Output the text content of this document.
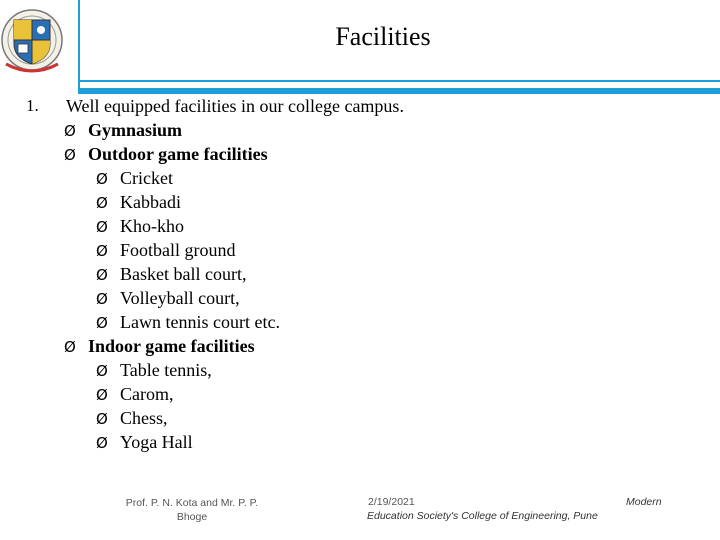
Facilities
1. Well equipped facilities in our college campus.
Ø Gymnasium
Ø Outdoor game facilities
Ø Cricket
Ø Kabbadi
Ø Kho-kho
Ø Football ground
Ø Basket ball court,
Ø Volleyball court,
Ø Lawn tennis court etc.
Ø Indoor game facilities
Ø Table tennis,
Ø Carom,
Ø Chess,
Ø Yoga Hall
Prof. P. N. Kota and Mr. P. P.
Bhoge
2/19/2021
Education Society's College of Engineering, Pune
Modern
